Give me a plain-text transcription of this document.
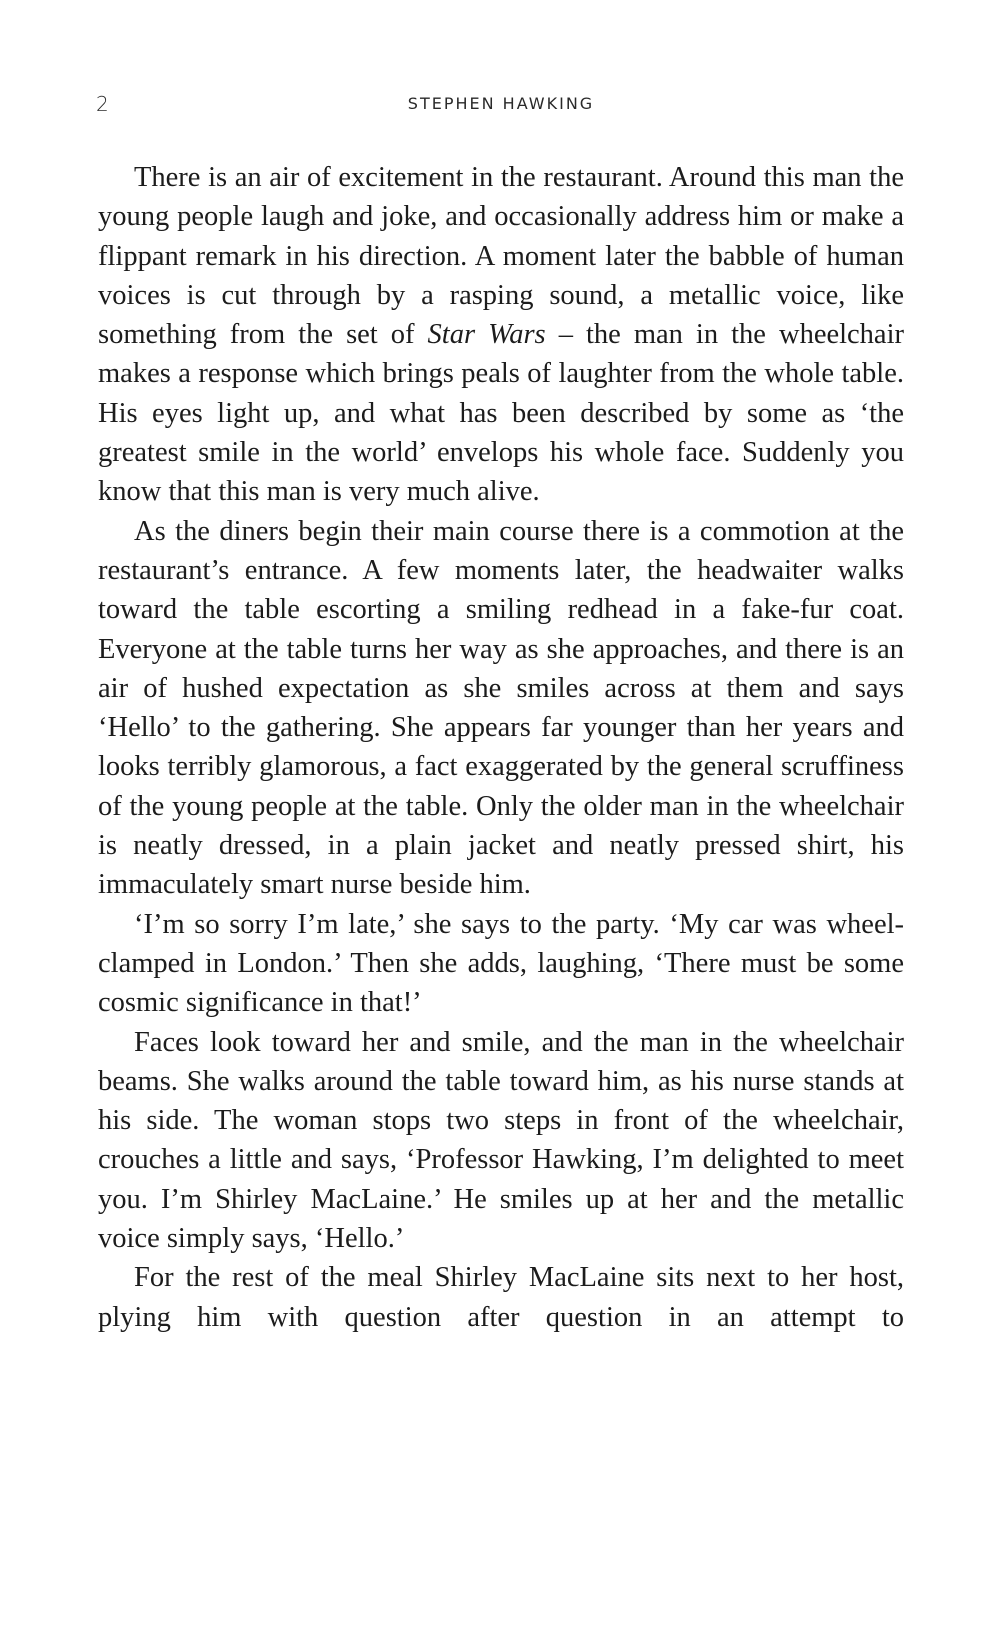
2	STEPHEN HAWKING

There is an air of excitement in the restaurant. Around this man the young people laugh and joke, and occasionally address him or make a flippant remark in his direction. A moment later the babble of human voices is cut through by a rasping sound, a metallic voice, like something from the set of Star Wars – the man in the wheelchair makes a response which brings peals of laughter from the whole table. His eyes light up, and what has been described by some as ‘the greatest smile in the world’ envelops his whole face. Suddenly you know that this man is very much alive.

As the diners begin their main course there is a commotion at the restaurant’s entrance. A few moments later, the headwaiter walks toward the table escorting a smiling redhead in a fake-fur coat. Everyone at the table turns her way as she approaches, and there is an air of hushed expectation as she smiles across at them and says ‘Hello’ to the gathering. She appears far younger than her years and looks terribly glamorous, a fact exaggerated by the general scruffiness of the young people at the table. Only the older man in the wheelchair is neatly dressed, in a plain jacket and neatly pressed shirt, his immaculately smart nurse beside him.

‘I’m so sorry I’m late,’ she says to the party. ‘My car was wheel-clamped in London.’ Then she adds, laughing, ‘There must be some cosmic significance in that!’

Faces look toward her and smile, and the man in the wheelchair beams. She walks around the table toward him, as his nurse stands at his side. The woman stops two steps in front of the wheelchair, crouches a little and says, ‘Professor Hawking, I’m delighted to meet you. I’m Shirley MacLaine.’ He smiles up at her and the metallic voice simply says, ‘Hello.’

For the rest of the meal Shirley MacLaine sits next to her host, plying him with question after question in an attempt to
